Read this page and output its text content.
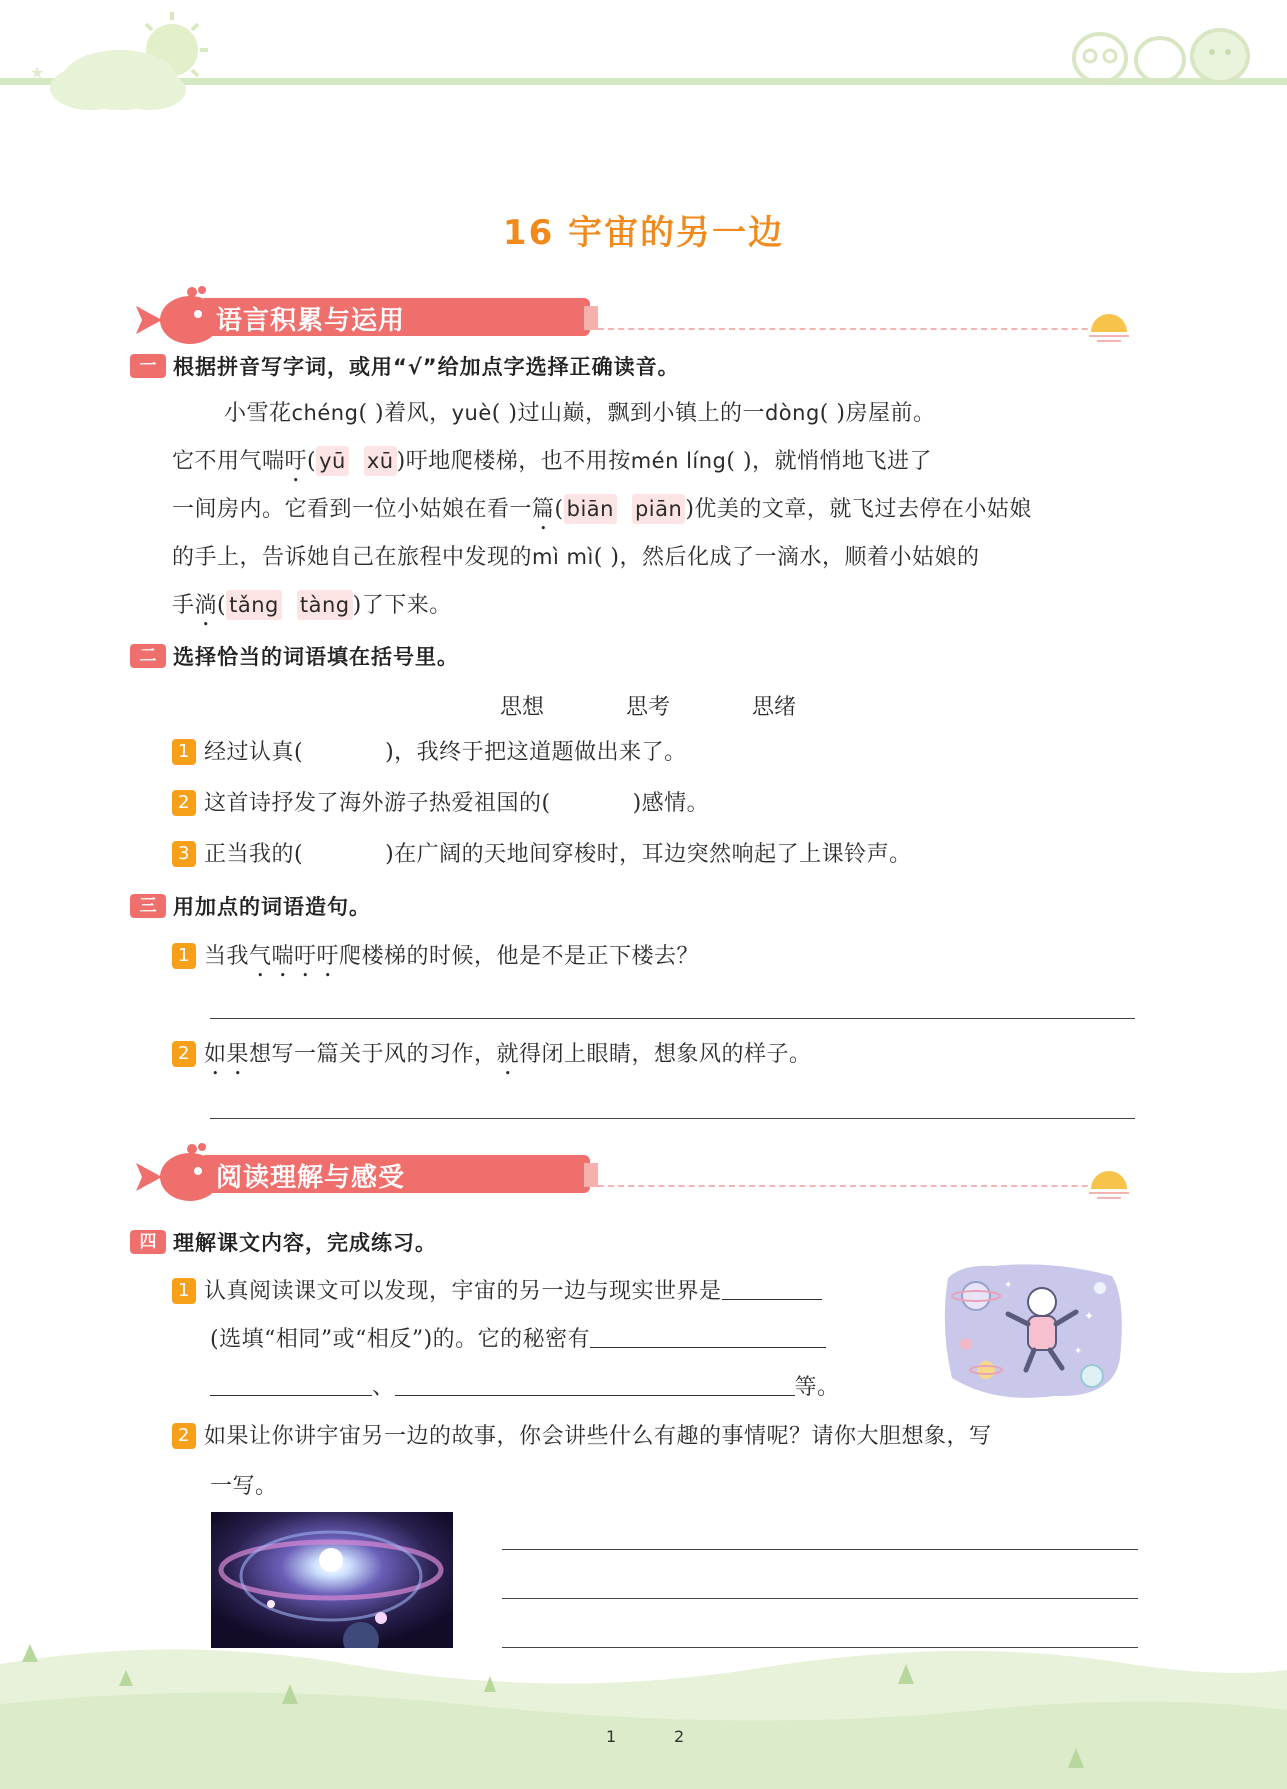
★
16 宇宙的另一边
语言积累与运用
一 根据拼音写字词，或用“√”给加点字选择正确读音。
小雪花chéng( )着风，yuè( )过山巅，飘到小镇上的一dòng( )房屋前。
它不用气喘吁( yū xū )吁地爬楼梯，也不用按mén líng( )，就悄悄地飞进了
一间房内。它看到一位小姑娘在看一篇( biān piān )优美的文章，就飞过去停在小姑娘
的手上，告诉她自己在旅程中发现的mì mì( )，然后化成了一滴水，顺着小姑娘的
手淌( tǎng tàng )了下来。
二 选择恰当的词语填在括号里。
思想	思考	思绪
1 经过认真(	)，我终于把这道题做出来了。
2 这首诗抒发了海外游子热爱祖国的(	)感情。
3 正当我的(	)在广阔的天地间穿梭时，耳边突然响起了上课铃声。
三 用加点的词语造句。
1 当我气喘吁吁爬楼梯的时候，他是不是正下楼去？
2 如果想写一篇关于风的习作，就得闭上眼睛，想象风的样子。
阅读理解与感受
四 理解课文内容，完成练习。
1 认真阅读课文可以发现，宇宙的另一边与现实世界是
(选填“相同”或“相反”)的。它的秘密有
、	等。
✦
✦
✦
2 如果让你讲宇宙另一边的故事，你会讲些什么有趣的事情呢？请你大胆想象，写
一写。
1	2
